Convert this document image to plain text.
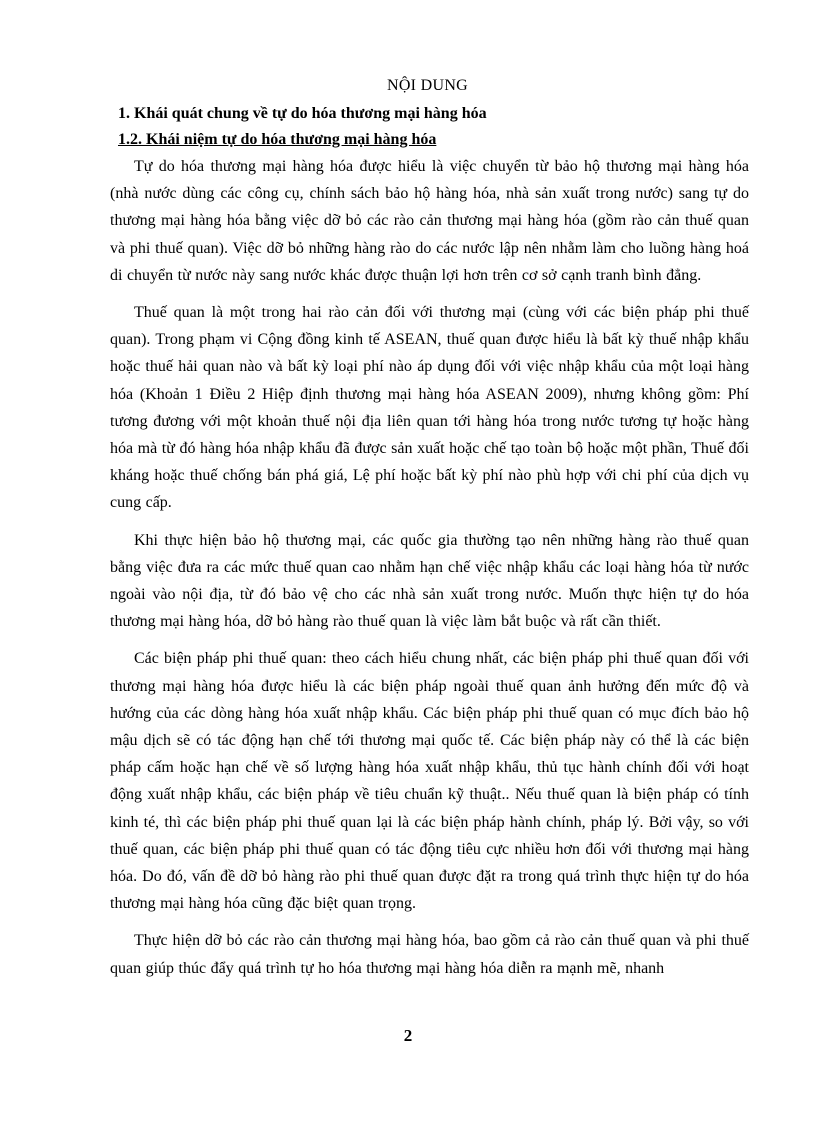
NỘI DUNG
1. Khái quát chung về tự do hóa thương mại hàng hóa
1.2. Khái niệm tự do hóa thương mại hàng hóa

Tự do hóa thương mại hàng hóa được hiểu là việc chuyển từ bảo hộ thương mại hàng hóa (nhà nước dùng các công cụ, chính sách bảo hộ hàng hóa, nhà sản xuất trong nước) sang tự do thương mại hàng hóa bằng việc dỡ bỏ các rào cản thương mại hàng hóa (gồm rào cản thuế quan và phi thuế quan). Việc dỡ bỏ những hàng rào do các nước lập nên nhằm làm cho luồng hàng hoá di chuyển từ nước này sang nước khác được thuận lợi hơn trên cơ sở cạnh tranh bình đẳng.

Thuế quan là một trong hai rào cản đối với thương mại (cùng với các biện pháp phi thuế quan). Trong phạm vi Cộng đồng kinh tế ASEAN, thuế quan được hiểu là bất kỳ thuế nhập khẩu hoặc thuế hải quan nào và bất kỳ loại phí nào áp dụng đối với việc nhập khẩu của một loại hàng hóa (Khoản 1 Điều 2 Hiệp định thương mại hàng hóa ASEAN 2009), nhưng không gồm: Phí tương đương với một khoản thuế nội địa liên quan tới hàng hóa trong nước tương tự hoặc hàng hóa mà từ đó hàng hóa nhập khẩu đã được sản xuất hoặc chế tạo toàn bộ hoặc một phần, Thuế đối kháng hoặc thuế chống bán phá giá, Lệ phí hoặc bất kỳ phí nào phù hợp với chi phí của dịch vụ cung cấp.

Khi thực hiện bảo hộ thương mại, các quốc gia thường tạo nên những hàng rào thuế quan bằng việc đưa ra các mức thuế quan cao nhằm hạn chế việc nhập khẩu các loại hàng hóa từ nước ngoài vào nội địa, từ đó bảo vệ cho các nhà sản xuất trong nước. Muốn thực hiện tự do hóa thương mại hàng hóa, dỡ bỏ hàng rào thuế quan là việc làm bắt buộc và rất cần thiết.

Các biện pháp phi thuế quan: theo cách hiểu chung nhất, các biện pháp phi thuế quan đối với thương mại hàng hóa được hiểu là các biện pháp ngoài thuế quan ảnh hưởng đến mức độ và hướng của các dòng hàng hóa xuất nhập khẩu. Các biện pháp phi thuế quan có mục đích bảo hộ mậu dịch sẽ có tác động hạn chế tới thương mại quốc tế. Các biện pháp này có thể là các biện pháp cấm hoặc hạn chế về số lượng hàng hóa xuất nhập khẩu, thủ tục hành chính đối với hoạt động xuất nhập khẩu, các biện pháp về tiêu chuẩn kỹ thuật.. Nếu thuế quan là biện pháp có tính kinh té, thì các biện pháp phi thuế quan lại là các biện pháp hành chính, pháp lý. Bởi vậy, so với thuế quan, các biện pháp phi thuế quan có tác động tiêu cực nhiều hơn đối với thương mại hàng hóa. Do đó, vấn đề dỡ bỏ hàng rào phi thuế quan được đặt ra trong quá trình thực hiện tự do hóa thương mại hàng hóa cũng đặc biệt quan trọng.

Thực hiện dỡ bỏ các rào cản thương mại hàng hóa, bao gồm cả rào cản thuế quan và phi thuế quan giúp thúc đẩy quá trình tự ho hóa thương mại hàng hóa diễn ra mạnh mẽ, nhanh

2
